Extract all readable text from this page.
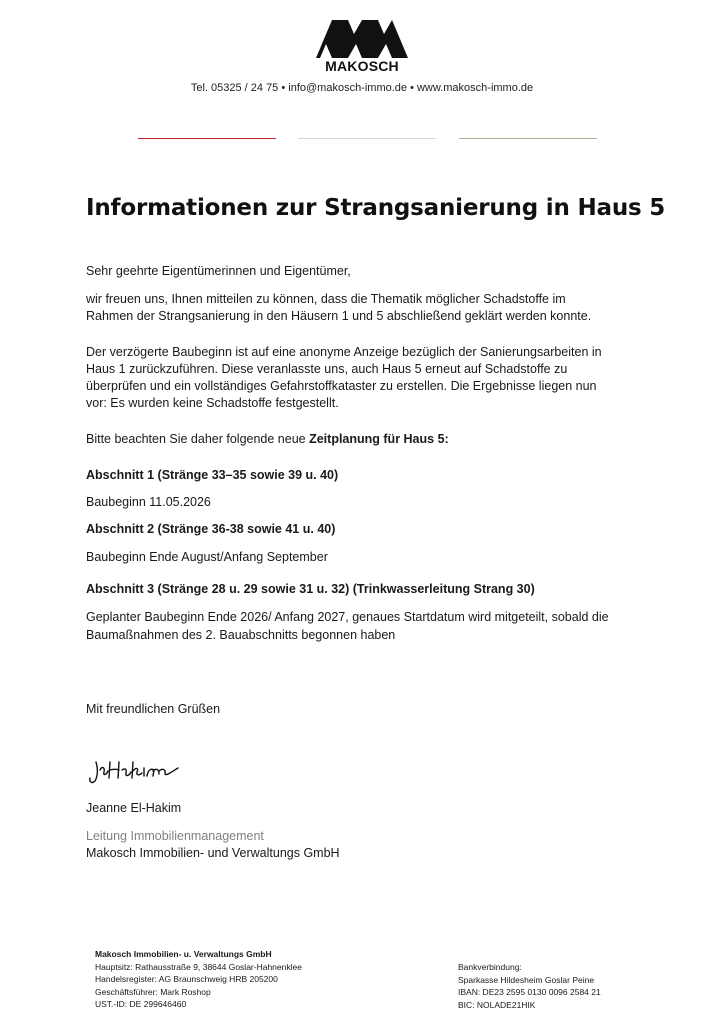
MAKOSCH
Tel. 05325 / 24 75 • info@makosch-immo.de • www.makosch-immo.de
Informationen zur Strangsanierung in Haus 5

Sehr geehrte Eigentümerinnen und Eigentümer,

wir freuen uns, Ihnen mitteilen zu können, dass die Thematik möglicher Schadstoffe im

Rahmen der Strangsanierung in den Häusern 1 und 5 abschließend geklärt werden konnte.

Der verzögerte Baubeginn ist auf eine anonyme Anzeige bezüglich der Sanierungsarbeiten in

Haus 1 zurückzuführen. Diese veranlasste uns, auch Haus 5 erneut auf Schadstoffe zu

überprüfen und ein vollständiges Gefahrstoffkataster zu erstellen. Die Ergebnisse liegen nun

vor: Es wurden keine Schadstoffe festgestellt.

Bitte beachten Sie daher folgende neue Zeitplanung für Haus 5:

Abschnitt 1 (Stränge 33–35 sowie 39 u. 40)

Baubeginn 11.05.2026

Abschnitt 2 (Stränge 36-38 sowie 41 u. 40)

Baubeginn Ende August/Anfang September

Abschnitt 3 (Stränge 28 u. 29 sowie 31 u. 32) (Trinkwasserleitung Strang 30)

Geplanter Baubeginn Ende 2026/ Anfang 2027, genaues Startdatum wird mitgeteilt, sobald die

Baumaßnahmen des 2. Bauabschnitts begonnen haben

Mit freundlichen Grüßen

Jeanne El-Hakim

Leitung Immobilienmanagement

Makosch Immobilien- und Verwaltungs GmbH

Makosch Immobilien- u. Verwaltungs GmbH
Hauptsitz: Rathausstraße 9, 38644 Goslar-Hahnenklee
Handelsregister: AG Braunschweig HRB 205200
Geschäftsführer: Mark Roshop
UST.-ID: DE 299646460
Bankverbindung:
Sparkasse Hildesheim Goslar Peine
IBAN: DE23 2595 0130 0096 2584 21
BIC: NOLADE21HIK
